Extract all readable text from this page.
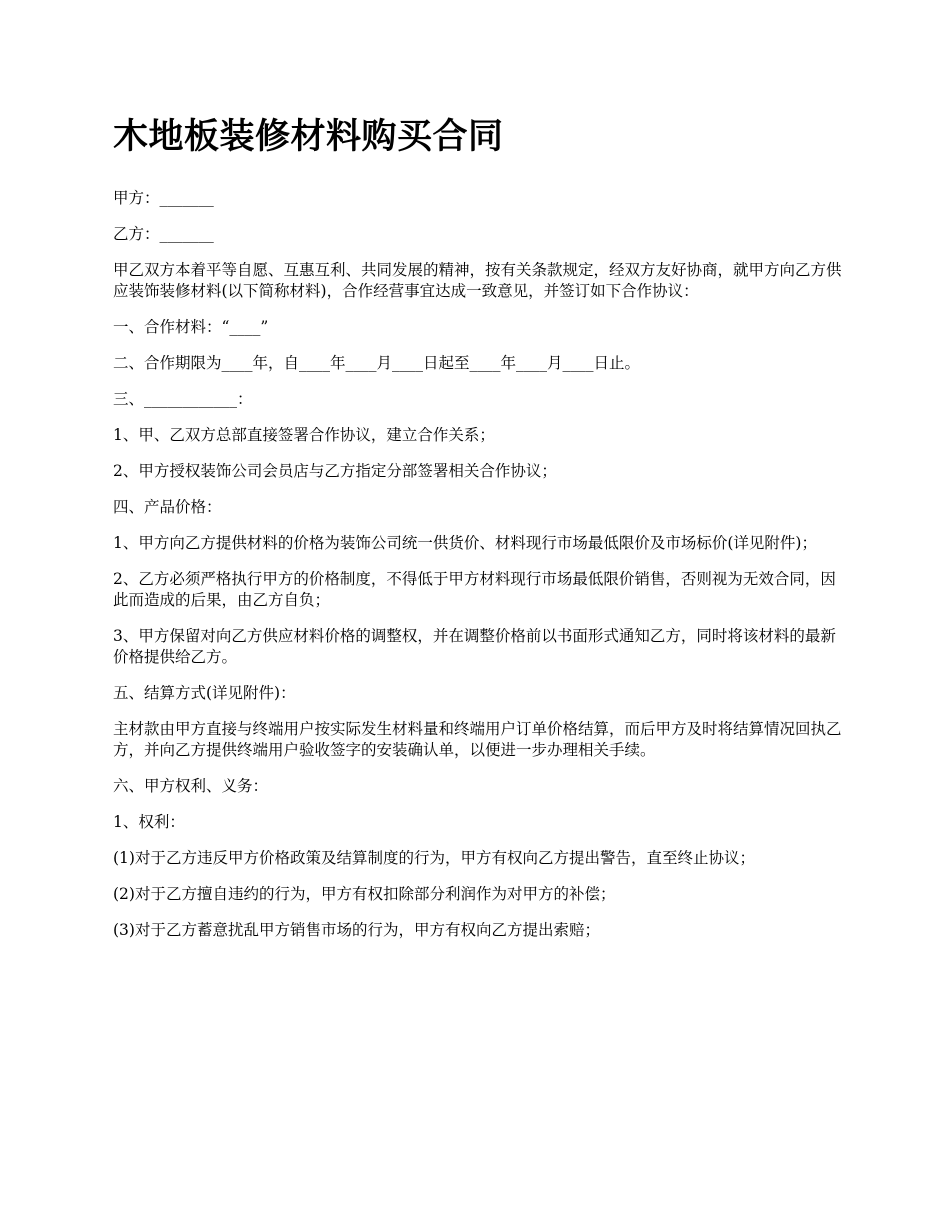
木地板装修材料购买合同

甲方：_______

乙方：_______

甲乙双方本着平等自愿、互惠互利、共同发展的精神，按有关条款规定，经双方友好协商，就甲方向乙方供应装饰装修材料(以下简称材料)，合作经营事宜达成一致意见，并签订如下合作协议：

一、合作材料：“____”

二、合作期限为____年，自____年____月____日起至____年____月____日止。

三、____________：

1、甲、乙双方总部直接签署合作协议，建立合作关系；

2、甲方授权装饰公司会员店与乙方指定分部签署相关合作协议；

四、产品价格：

1、甲方向乙方提供材料的价格为装饰公司统一供货价、材料现行市场最低限价及市场标价(详见附件)；

2、乙方必须严格执行甲方的价格制度，不得低于甲方材料现行市场最低限价销售，否则视为无效合同，因此而造成的后果，由乙方自负；

3、甲方保留对向乙方供应材料价格的调整权，并在调整价格前以书面形式通知乙方，同时将该材料的最新价格提供给乙方。

五、结算方式(详见附件)：

主材款由甲方直接与终端用户按实际发生材料量和终端用户订单价格结算，而后甲方及时将结算情况回执乙方，并向乙方提供终端用户验收签字的安装确认单，以便进一步办理相关手续。

六、甲方权利、义务：

1、权利：

(1)对于乙方违反甲方价格政策及结算制度的行为，甲方有权向乙方提出警告，直至终止协议；

(2)对于乙方擅自违约的行为，甲方有权扣除部分利润作为对甲方的补偿；

(3)对于乙方蓄意扰乱甲方销售市场的行为，甲方有权向乙方提出索赔；
